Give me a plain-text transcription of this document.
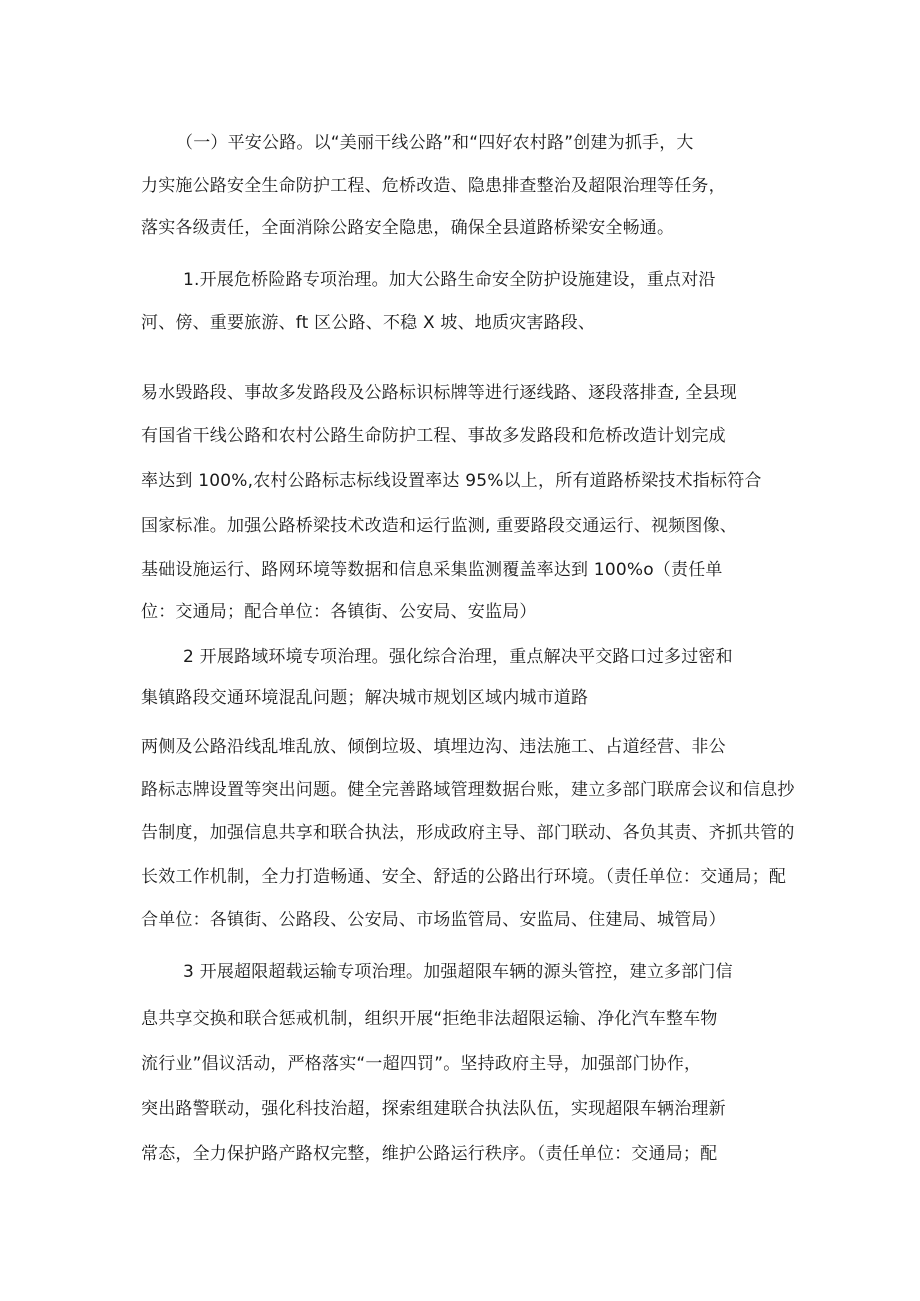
（一）平安公路。以“美丽干线公路”和“四好农村路”创建为抓手，大
力实施公路安全生命防护工程、危桥改造、隐患排查整治及超限治理等任务，
落实各级责任，全面消除公路安全隐患，确保全县道路桥梁安全畅通。
1.开展危桥险路专项治理。加大公路生命安全防护设施建设，重点对沿
河、傍、重要旅游、ft 区公路、不稳 X 坡、地质灾害路段、
易水毁路段、事故多发路段及公路标识标牌等进行逐线路、逐段落排查, 全县现
有国省干线公路和农村公路生命防护工程、事故多发路段和危桥改造计划完成
率达到 100%,农村公路标志标线设置率达 95%以上，所有道路桥梁技术指标符合
国家标准。加强公路桥梁技术改造和运行监测, 重要路段交通运行、视频图像、
基础设施运行、路网环境等数据和信息采集监测覆盖率达到 100%o（责任单
位：交通局；配合单位：各镇街、公安局、安监局）
2 开展路域环境专项治理。强化综合治理，重点解决平交路口过多过密和
集镇路段交通环境混乱问题；解决城市规划区域内城市道路
两侧及公路沿线乱堆乱放、倾倒垃圾、填埋边沟、违法施工、占道经营、非公
路标志牌设置等突出问题。健全完善路域管理数据台账，建立多部门联席会议和信息抄
告制度，加强信息共享和联合执法，形成政府主导、部门联动、各负其责、齐抓共管的
长效工作机制，全力打造畅通、安全、舒适的公路出行环境。（责任单位：交通局；配
合单位：各镇街、公路段、公安局、市场监管局、安监局、住建局、城管局）
3 开展超限超载运输专项治理。加强超限车辆的源头管控，建立多部门信
息共享交换和联合惩戒机制，组织开展“拒绝非法超限运输、净化汽车整车物
流行业”倡议活动，严格落实“一超四罚”。坚持政府主导，加强部门协作，
突出路警联动，强化科技治超，探索组建联合执法队伍，实现超限车辆治理新
常态，全力保护路产路权完整，维护公路运行秩序。（责任单位：交通局；配
